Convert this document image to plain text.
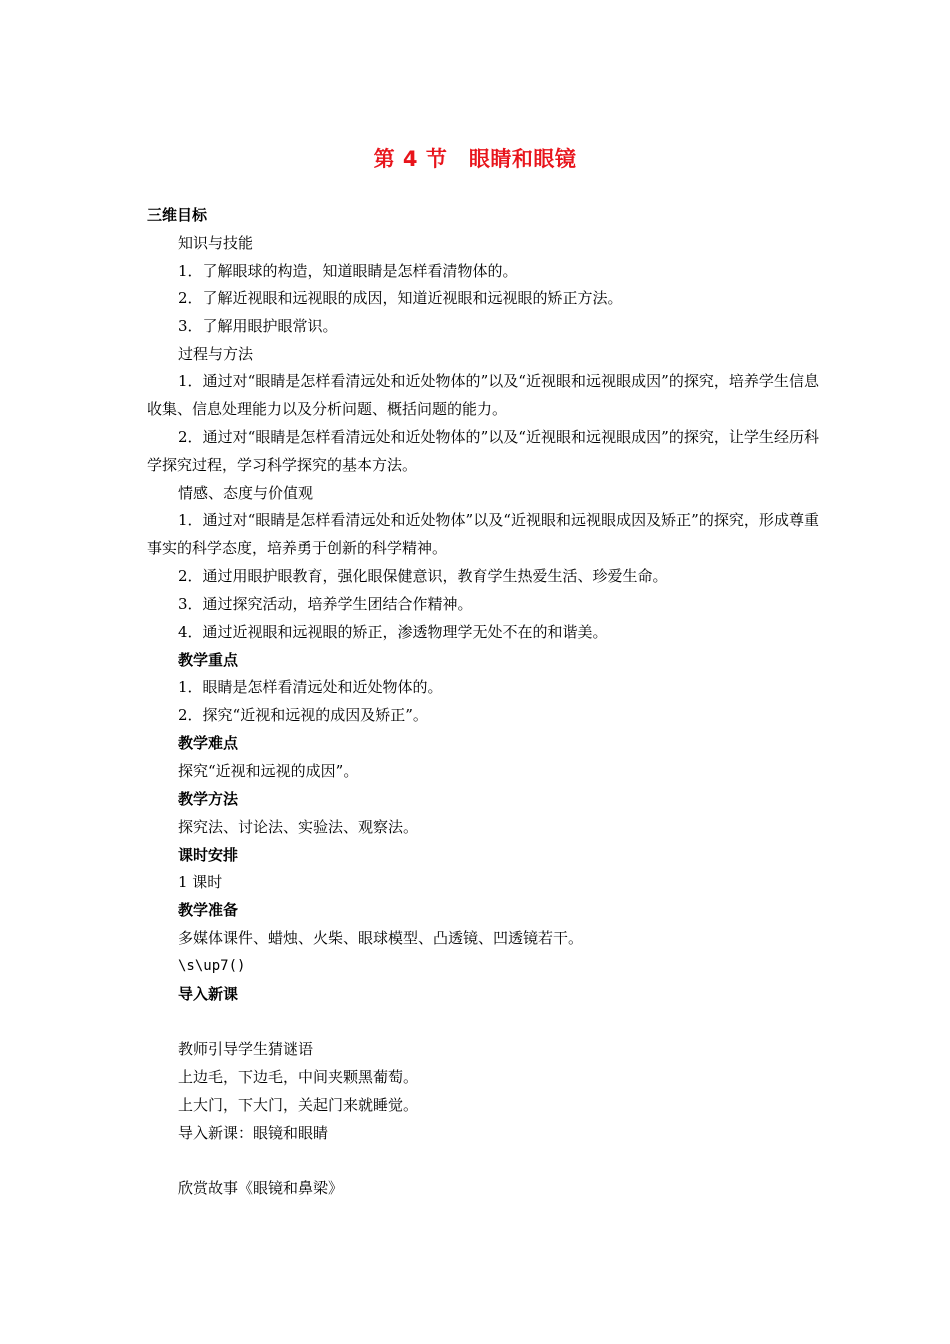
第 4 节　眼睛和眼镜
三维目标
知识与技能
1．了解眼球的构造，知道眼睛是怎样看清物体的。
2．了解近视眼和远视眼的成因，知道近视眼和远视眼的矫正方法。
3．了解用眼护眼常识。
过程与方法
1．通过对“眼睛是怎样看清远处和近处物体的”以及“近视眼和远视眼成因”的探究，培养学生信息收集、信息处理能力以及分析问题、概括问题的能力。
2．通过对“眼睛是怎样看清远处和近处物体的”以及“近视眼和远视眼成因”的探究，让学生经历科学探究过程，学习科学探究的基本方法。
情感、态度与价值观
1．通过对“眼睛是怎样看清远处和近处物体”以及“近视眼和远视眼成因及矫正”的探究，形成尊重事实的科学态度，培养勇于创新的科学精神。
2．通过用眼护眼教育，强化眼保健意识，教育学生热爱生活、珍爱生命。
3．通过探究活动，培养学生团结合作精神。
4．通过近视眼和远视眼的矫正，渗透物理学无处不在的和谐美。
教学重点
1．眼睛是怎样看清远处和近处物体的。
2．探究“近视和远视的成因及矫正”。
教学难点
探究“近视和远视的成因”。
教学方法
探究法、讨论法、实验法、观察法。
课时安排
1 课时
教学准备
多媒体课件、蜡烛、火柴、眼球模型、凸透镜、凹透镜若干。
\s\up7()
导入新课
教师引导学生猜谜语
上边毛，下边毛，中间夹颗黑葡萄。
上大门，下大门，关起门来就睡觉。
导入新课：眼镜和眼睛
欣赏故事《眼镜和鼻梁》
